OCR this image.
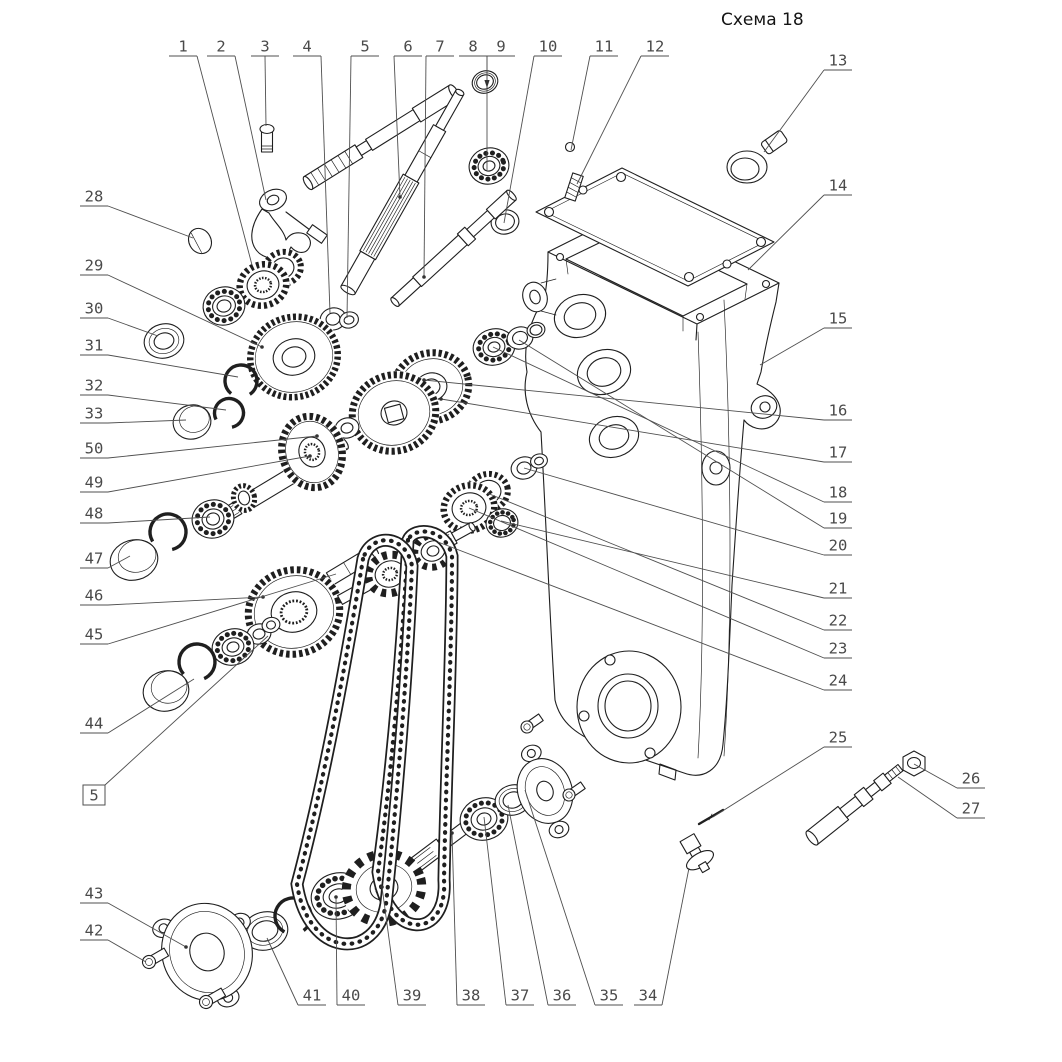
Схема 18
1 2 3 4	5 6 7 8 9 10 11 12
13
14
15
16
17
18
19
20
21
22
23
24
25
26
27
28
29
30
31
32
33
50
49
48
47
46
45
44
5
43
42
41 40	39	38 37 36 35 34
